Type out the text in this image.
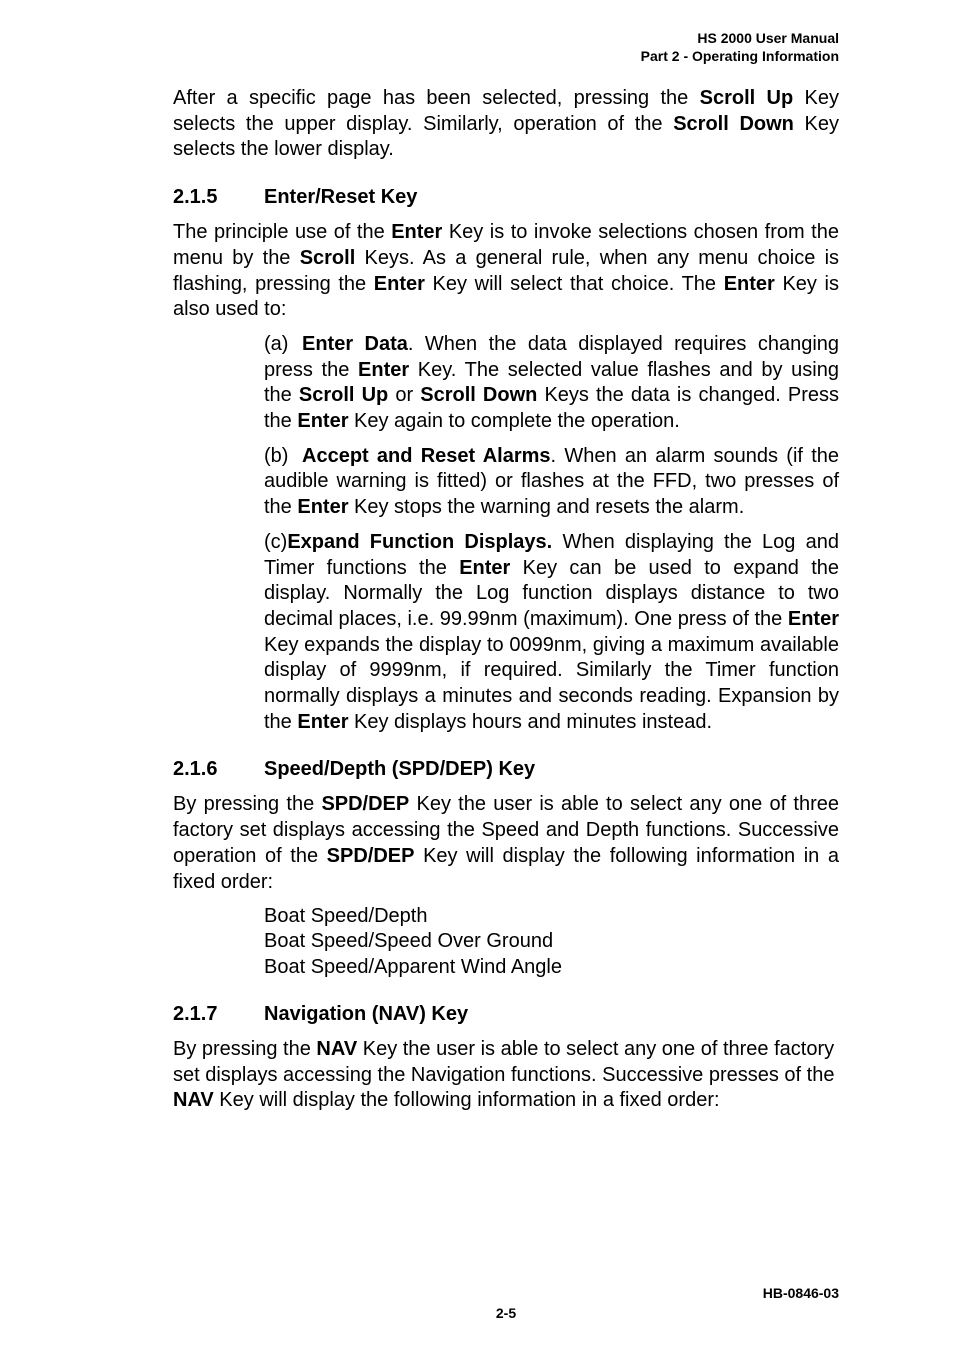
HS 2000 User Manual
Part 2 - Operating Information

After a specific page has been selected, pressing the Scroll Up Key selects the upper display. Similarly, operation of the Scroll Down Key selects the lower display.

2.1.5	Enter/Reset Key

The principle use of the Enter Key is to invoke selections chosen from the menu by the Scroll Keys. As a general rule, when any menu choice is flashing, pressing the Enter Key will select that choice. The Enter Key is also used to:

(a) Enter Data. When the data displayed requires changing press the Enter Key. The selected value flashes and by using the Scroll Up or Scroll Down Keys the data is changed. Press the Enter Key again to complete the operation.

(b) Accept and Reset Alarms. When an alarm sounds (if the audible warning is fitted) or flashes at the FFD, two presses of the Enter Key stops the warning and resets the alarm.

(c)Expand Function Displays. When displaying the Log and Timer functions the Enter Key can be used to expand the display. Normally the Log function displays distance to two decimal places, i.e. 99.99nm (maximum). One press of the Enter Key expands the display to 0099nm, giving a maximum available display of 9999nm, if required. Similarly the Timer function normally displays a minutes and seconds reading. Expansion by the Enter Key displays hours and minutes instead.

2.1.6	Speed/Depth (SPD/DEP) Key

By pressing the SPD/DEP Key the user is able to select any one of three factory set displays accessing the Speed and Depth functions. Successive operation of the SPD/DEP Key will display the following information in a fixed order:

Boat Speed/Depth
Boat Speed/Speed Over Ground
Boat Speed/Apparent Wind Angle
2.1.7	Navigation (NAV) Key

By pressing the NAV Key the user is able to select any one of three factory set displays accessing the Navigation functions. Successive presses of the NAV Key will display the following information in a fixed order:

HB-0846-03
2-5
